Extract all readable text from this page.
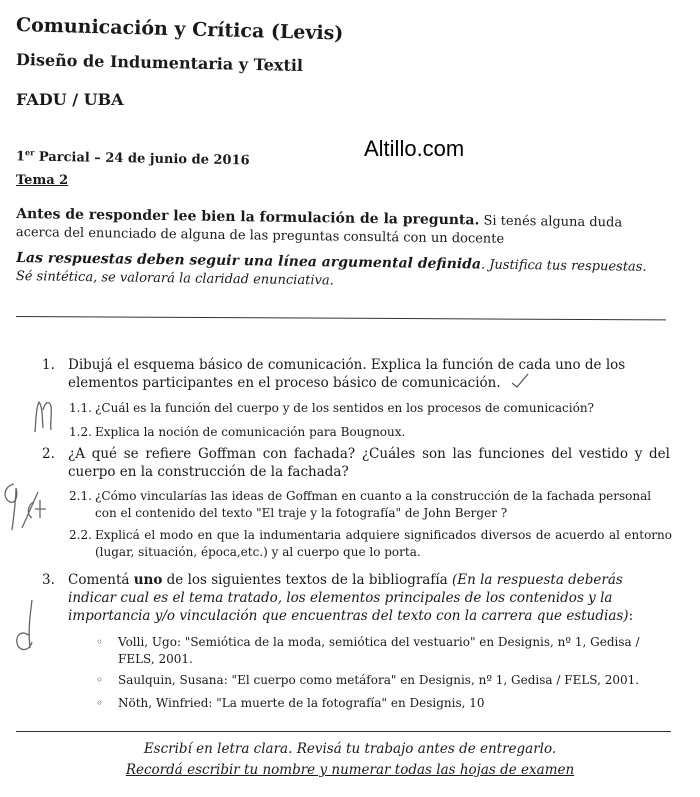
Comunicación y Crítica (Levis)
Diseño de Indumentaria y Textil
FADU / UBA
Altillo.com
1er Parcial – 24 de junio de 2016
Tema 2
Antes de responder lee bien la formulación de la pregunta. Si tenés alguna duda acerca del enunciado de alguna de las preguntas consultá con un docente
Las respuestas deben seguir una línea argumental definida. Justifica tus respuestas. Sé sintética, se valorará la claridad enunciativa.
1. Dibujá el esquema básico de comunicación. Explica la función de cada uno de los elementos participantes en el proceso básico de comunicación.
1.1. ¿Cuál es la función del cuerpo y de los sentidos en los procesos de comunicación?
1.2. Explica la noción de comunicación para Bougnoux.
2. ¿A qué se refiere Goffman con fachada? ¿Cuáles son las funciones del vestido y del cuerpo en la construcción de la fachada?
2.1. ¿Cómo vincularías las ideas de Goffman en cuanto a la construcción de la fachada personal con el contenido del texto "El traje y la fotografía" de John Berger ?
2.2. Explicá el modo en que la indumentaria adquiere significados diversos de acuerdo al entorno (lugar, situación, época,etc.) y al cuerpo que lo porta.
3. Comentá uno de los siguientes textos de la bibliografía (En la respuesta deberás indicar cual es el tema tratado, los elementos principales de los contenidos y la importancia y/o vinculación que encuentras del texto con la carrera que estudias):
◦ Volli, Ugo: "Semiótica de la moda, semiótica del vestuario" en Designis, nº 1, Gedisa / FELS, 2001.
◦ Saulquin, Susana: "El cuerpo como metáfora" en Designis, nº 1, Gedisa / FELS, 2001.
◦ Nöth, Winfried: "La muerte de la fotografía" en Designis, 10
Escribí en letra clara. Revisá tu trabajo antes de entregarlo.
Recordá escribir tu nombre y numerar todas las hojas de examen
